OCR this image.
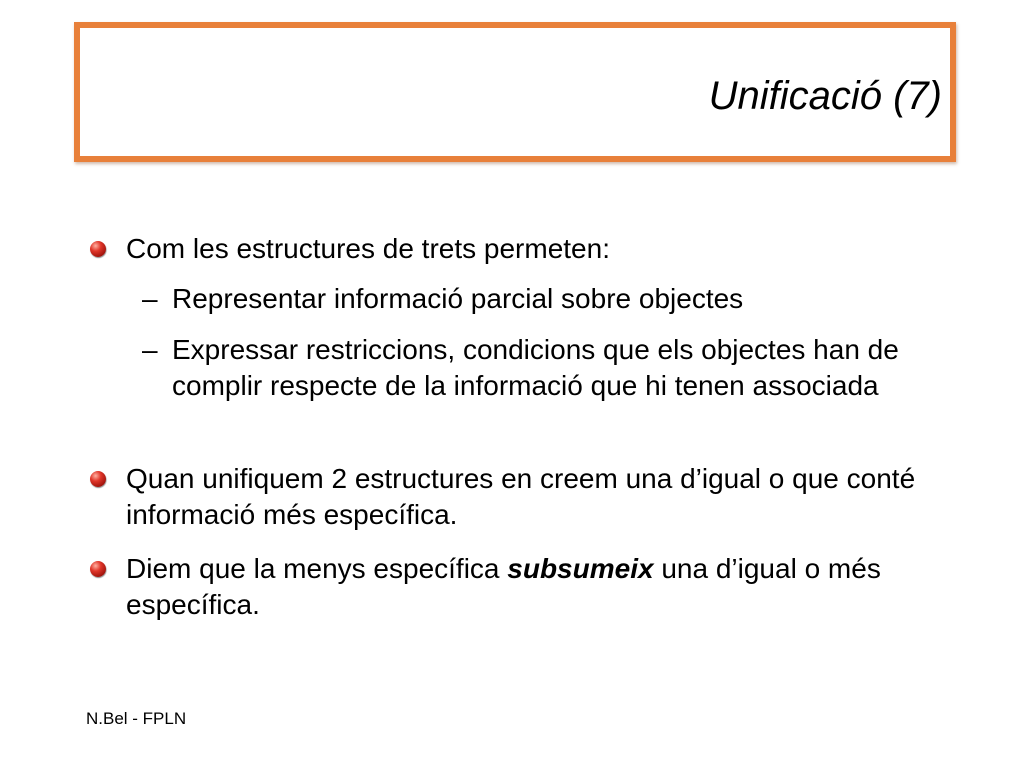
Unificació (7)
Com les estructures de trets permeten:
– Representar informació parcial sobre objectes
– Expressar restriccions, condicions que els objectes han de complir respecte de la informació que hi tenen associada
Quan unifiquem 2 estructures en creem una d’igual o que conté informació més específica.
Diem que la menys específica subsumeix una d’igual o més específica.
N.Bel - FPLN
